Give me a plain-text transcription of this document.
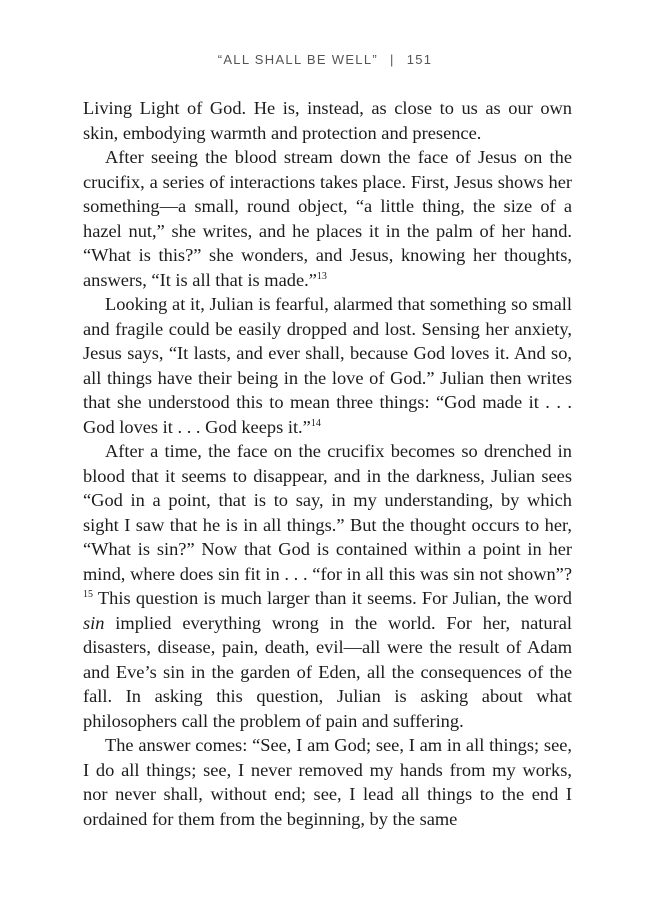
“ALL SHALL BE WELL” | 151

Living Light of God. He is, instead, as close to us as our own skin, embodying warmth and protection and presence.

After seeing the blood stream down the face of Jesus on the crucifix, a series of interactions takes place. First, Jesus shows her something—a small, round object, “a little thing, the size of a hazel nut,” she writes, and he places it in the palm of her hand. “What is this?” she wonders, and Jesus, knowing her thoughts, answers, “It is all that is made.”$^{13}$

Looking at it, Julian is fearful, alarmed that something so small and fragile could be easily dropped and lost. Sensing her anxiety, Jesus says, “It lasts, and ever shall, because God loves it. And so, all things have their being in the love of God.” Julian then writes that she understood this to mean three things: “God made it . . . God loves it . . . God keeps it.”$^{14}$

After a time, the face on the crucifix becomes so drenched in blood that it seems to disappear, and in the darkness, Julian sees “God in a point, that is to say, in my understanding, by which sight I saw that he is in all things.” But the thought occurs to her, “What is sin?” Now that God is contained within a point in her mind, where does sin fit in . . . “for in all this was sin not shown”?$^{15}$ This question is much larger than it seems. For Julian, the word sin implied everything wrong in the world. For her, natural disasters, disease, pain, death, evil—all were the result of Adam and Eve’s sin in the garden of Eden, all the consequences of the fall. In asking this question, Julian is asking about what philosophers call the problem of pain and suffering.

The answer comes: “See, I am God; see, I am in all things; see, I do all things; see, I never removed my hands from my works, nor never shall, without end; see, I lead all things to the end I ordained for them from the beginning, by the same
